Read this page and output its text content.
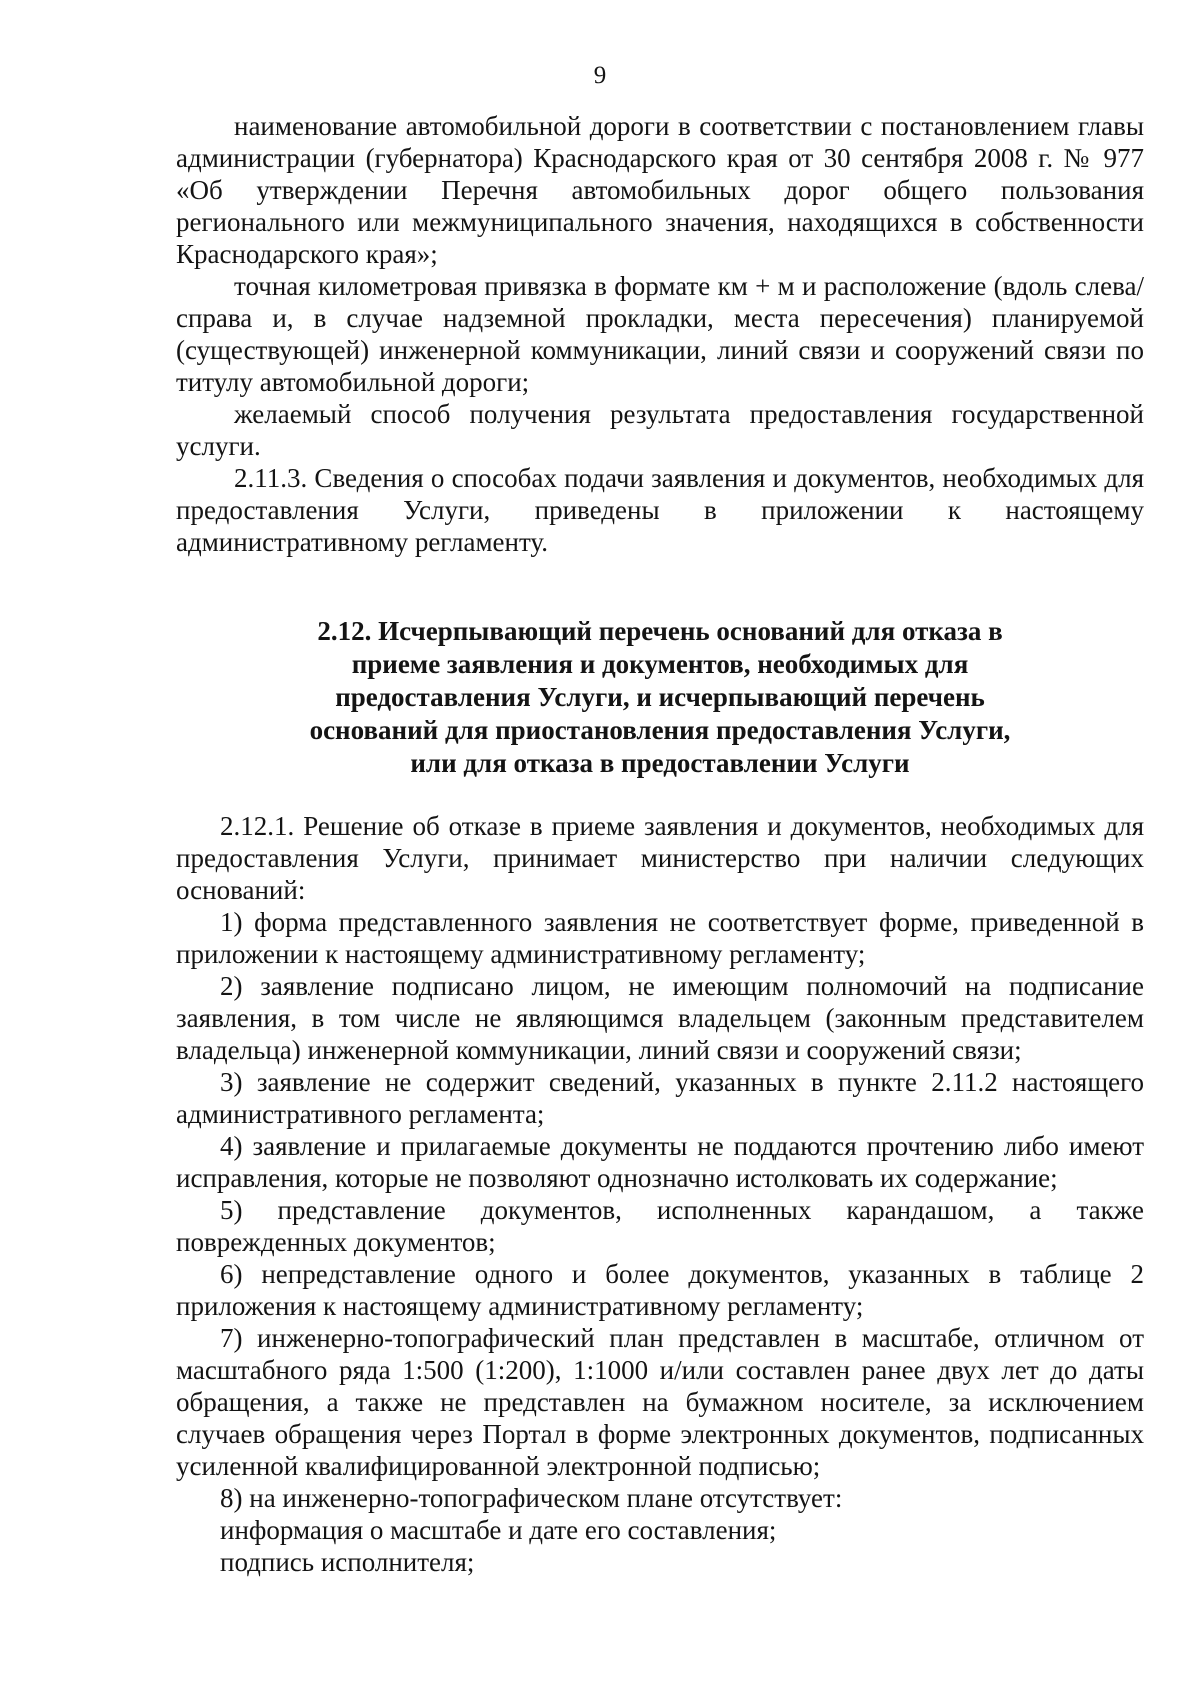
9

наименование автомобильной дороги в соответствии с постановлением главы администрации (губернатора) Краснодарского края от 30 сентября 2008 г. № 977 «Об утверждении Перечня автомобильных дорог общего пользования регионального или межмуниципального значения, находящихся в собственности Краснодарского края»;

точная километровая привязка в формате км + м и расположение (вдоль слева/справа и, в случае надземной прокладки, места пересечения) планируемой (существующей) инженерной коммуникации, линий связи и сооружений связи по титулу автомобильной дороги;

желаемый способ получения результата предоставления государственной услуги.

2.11.3. Сведения о способах подачи заявления и документов, необходимых для предоставления Услуги, приведены в приложении к настоящему административному регламенту.

2.12. Исчерпывающий перечень оснований для отказа в
приеме заявления и документов, необходимых для
предоставления Услуги, и исчерпывающий перечень
оснований для приостановления предоставления Услуги,
или для отказа в предоставлении Услуги

2.12.1. Решение об отказе в приеме заявления и документов, необходимых для предоставления Услуги, принимает министерство при наличии следующих оснований:

1) форма представленного заявления не соответствует форме, приведенной в приложении к настоящему административному регламенту;

2) заявление подписано лицом, не имеющим полномочий на подписание заявления, в том числе не являющимся владельцем (законным представителем владельца) инженерной коммуникации, линий связи и сооружений связи;

3) заявление не содержит сведений, указанных в пункте 2.11.2 настоящего административного регламента;

4) заявление и прилагаемые документы не поддаются прочтению либо имеют исправления, которые не позволяют однозначно истолковать их содержание;

5) представление документов, исполненных карандашом, а также поврежденных документов;

6) непредставление одного и более документов, указанных в таблице 2 приложения к настоящему административному регламенту;

7) инженерно-топографический план представлен в масштабе, отличном от масштабного ряда 1:500 (1:200), 1:1000 и/или составлен ранее двух лет до даты обращения, а также не представлен на бумажном носителе, за исключением случаев обращения через Портал в форме электронных документов, подписанных усиленной квалифицированной электронной подписью;

8) на инженерно-топографическом плане отсутствует:

информация о масштабе и дате его составления;

подпись исполнителя;
